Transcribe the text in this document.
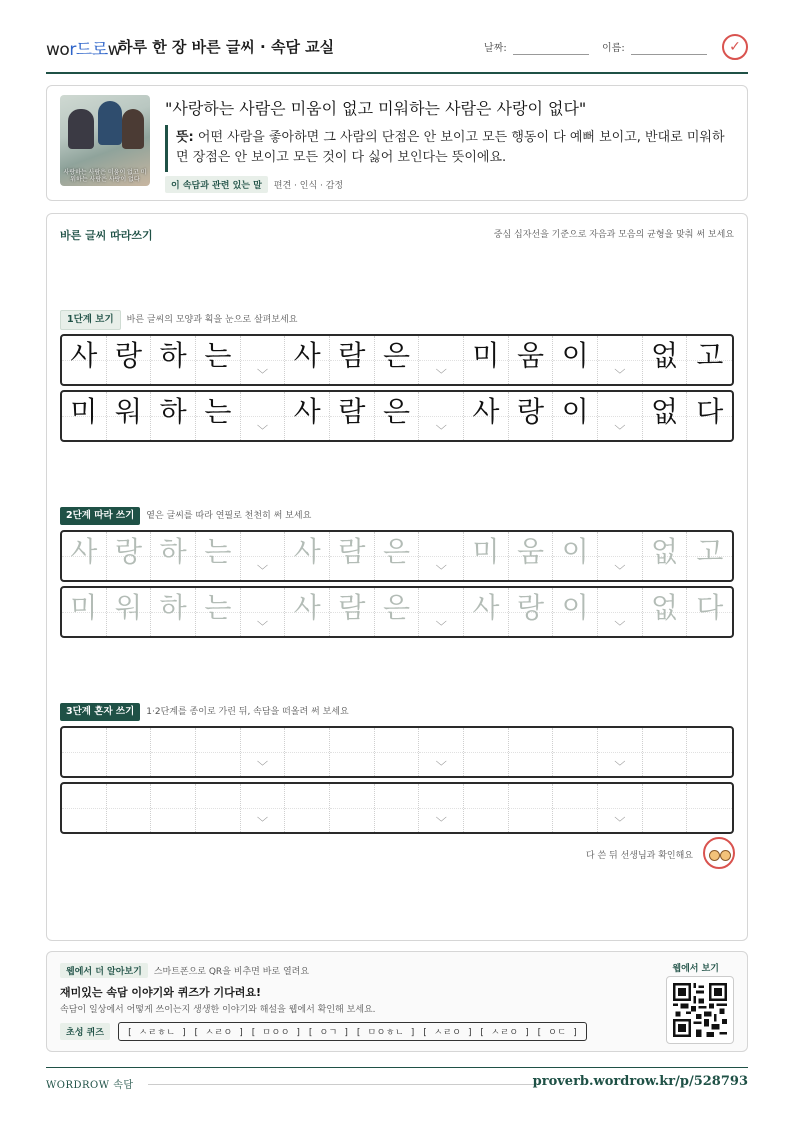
wor드로w
하루 한 장 바른 글씨 · 속담 교실	날짜:	이름:	✓
사랑하는 사람은 미움이 없고 미워하는 사람은 사랑이 없다
"사랑하는 사람은 미움이 없고 미워하는 사람은 사랑이 없다"
뜻: 어떤 사람을 좋아하면 그 사람의 단점은 안 보이고 모든 행동이 다 예뻐 보이고, 반대로 미워하면 장점은 안 보이고 모든 것이 다 싫어 보인다는 뜻이에요.
이 속담과 관련 있는 말 편견 · 인식 · 감정
바른 글씨 따라쓰기	중심 십자선을 기준으로 자음과 모음의 균형을 맞춰 써 보세요
1단계 보기 바른 글씨의 모양과 획을 눈으로 살펴보세요
사 랑 하 는
﹀
사 람 은
﹀
미 움 이
﹀
없 고
미 워 하 는
﹀
사 람 은
﹀
사 랑 이
﹀
없 다
2단계 따라 쓰기 옅은 글씨를 따라 연필로 천천히 써 보세요
사 랑 하 는
﹀
사 람 은
﹀
미 움 이
﹀
없 고
미 워 하 는
﹀
사 람 은
﹀
사 랑 이
﹀
없 다
3단계 혼자 쓰기 1·2단계를 종이로 가린 뒤, 속담을 떠올려 써 보세요
﹀	﹀	﹀
﹀	﹀	﹀
다 쓴 뒤 선생님과 확인해요
웹에서 더 알아보기 스마트폰으로 QR을 비추면 바로 열려요
재미있는 속담 이야기와 퀴즈가 기다려요!
속담이 일상에서 어떻게 쓰이는지 생생한 이야기와 해설을 웹에서 확인해 보세요.
초성 퀴즈	[ ㅅㄹㅎㄴ ] [ ㅅㄹㅇ ] [ ㅁㅇㅇ ] [ ㅇㄱ ] [ ㅁㅇㅎㄴ ] [ ㅅㄹㅇ ] [ ㅅㄹㅇ ] [ ㅇㄷ ]
웹에서 보기
WORDROW 속담	proverb.wordrow.kr/p/528793
